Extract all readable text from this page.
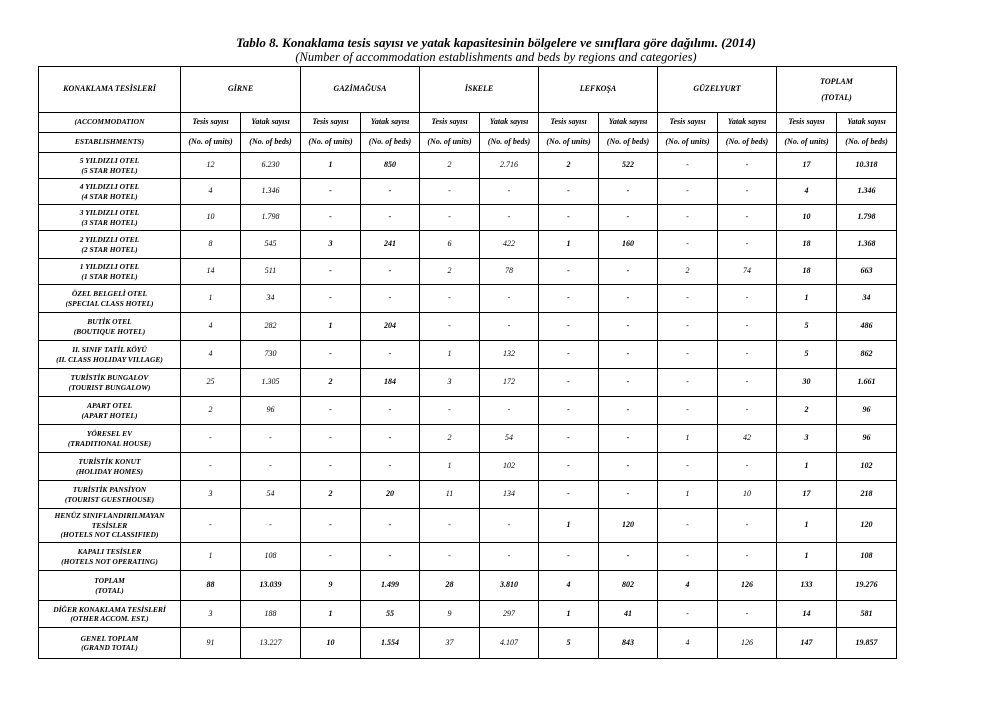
Tablo 8. Konaklama tesis sayısı ve yatak kapasitesinin bölgelere ve sınıflara göre dağılımı. (2014)
(Number of accommodation establishments and beds by regions and categories)
KONAKLAMA TESİSLERİ	GİRNE		GAZİMAĞUSA		İSKELE		LEFKOŞA		GÜZELYURT		TOPLAM
(TOTAL)	
(ACCOMMODATION	Tesis sayısı	Yatak sayısı	Tesis sayısı	Yatak sayısı	Tesis sayısı	Yatak sayısı	Tesis sayısı	Yatak sayısı	Tesis sayısı	Yatak sayısı	Tesis sayısı	Yatak sayısı
ESTABLISHMENTS)	(No. of units)	(No. of beds)	(No. of units)	(No. of beds)	(No. of units)	(No. of beds)	(No. of units)	(No. of beds)	(No. of units)	(No. of beds)	(No. of units)	(No. of beds)

5 YILDIZLI OTEL
(5 STAR HOTEL)	12	6.230	1	850	2	2.716	2	522	-	-	17	10.318

4 YILDIZLI OTEL
(4 STAR HOTEL)	4	1.346	-	-	-	-	-	-	-	-	4	1.346

3 YILDIZLI OTEL
(3 STAR HOTEL)	10	1.798	-	-	-	-	-	-	-	-	10	1.798

2 YILDIZLI OTEL
(2 STAR HOTEL)	8	545	3	241	6	422	1	160	-	-	18	1.368

1 YILDIZLI OTEL
(1 STAR HOTEL)	14	511	-	-	2	78	-	-	2	74	18	663

ÖZEL BELGELİ OTEL
(SPECIAL CLASS HOTEL)	1	34	-	-	-	-	-	-	-	-	1	34

BUTİK OTEL
(BOUTIQUE HOTEL)	4	282	1	204	-	-	-	-	-	-	5	486

II. SINIF TATİL KÖYÜ
(II. CLASS HOLIDAY VILLAGE)	4	730	-	-	1	132	-	-	-	-	5	862

TURİSTİK BUNGALOV
(TOURIST BUNGALOW)	25	1.305	2	184	3	172	-	-	-	-	30	1.661

APART OTEL
(APART HOTEL)	2	96	-	-	-	-	-	-	-	-	2	96

YÖRESEL EV
(TRADITIONAL HOUSE)	-	-	-	-	2	54	-	-	1	42	3	96

TURİSTİK KONUT
(HOLIDAY HOMES)	-	-	-	-	1	102	-	-	-	-	1	102

TURİSTİK PANSİYON
(TOURIST GUESTHOUSE)	3	54	2	20	11	134	-	-	1	10	17	218

HENÜZ SINIFLANDIRILMAYAN TESİSLER
(HOTELS NOT CLASSIFIED)	-	-	-	-	-	-	1	120	-	-	1	120

KAPALI TESİSLER
(HOTELS NOT OPERATING)	1	108	-	-	-	-	-	-	-	-	1	108

TOPLAM
(TOTAL)	88	13.039	9	1.499	28	3.810	4	802	4	126	133	19.276

DİĞER KONAKLAMA TESİSLERİ
(OTHER ACCOM. EST.)	3	188	1	55	9	297	1	41	-	-	14	581

GENEL TOPLAM
(GRAND TOTAL)	91	13.227	10	1.554	37	4.107	5	843	4	126	147	19.857
